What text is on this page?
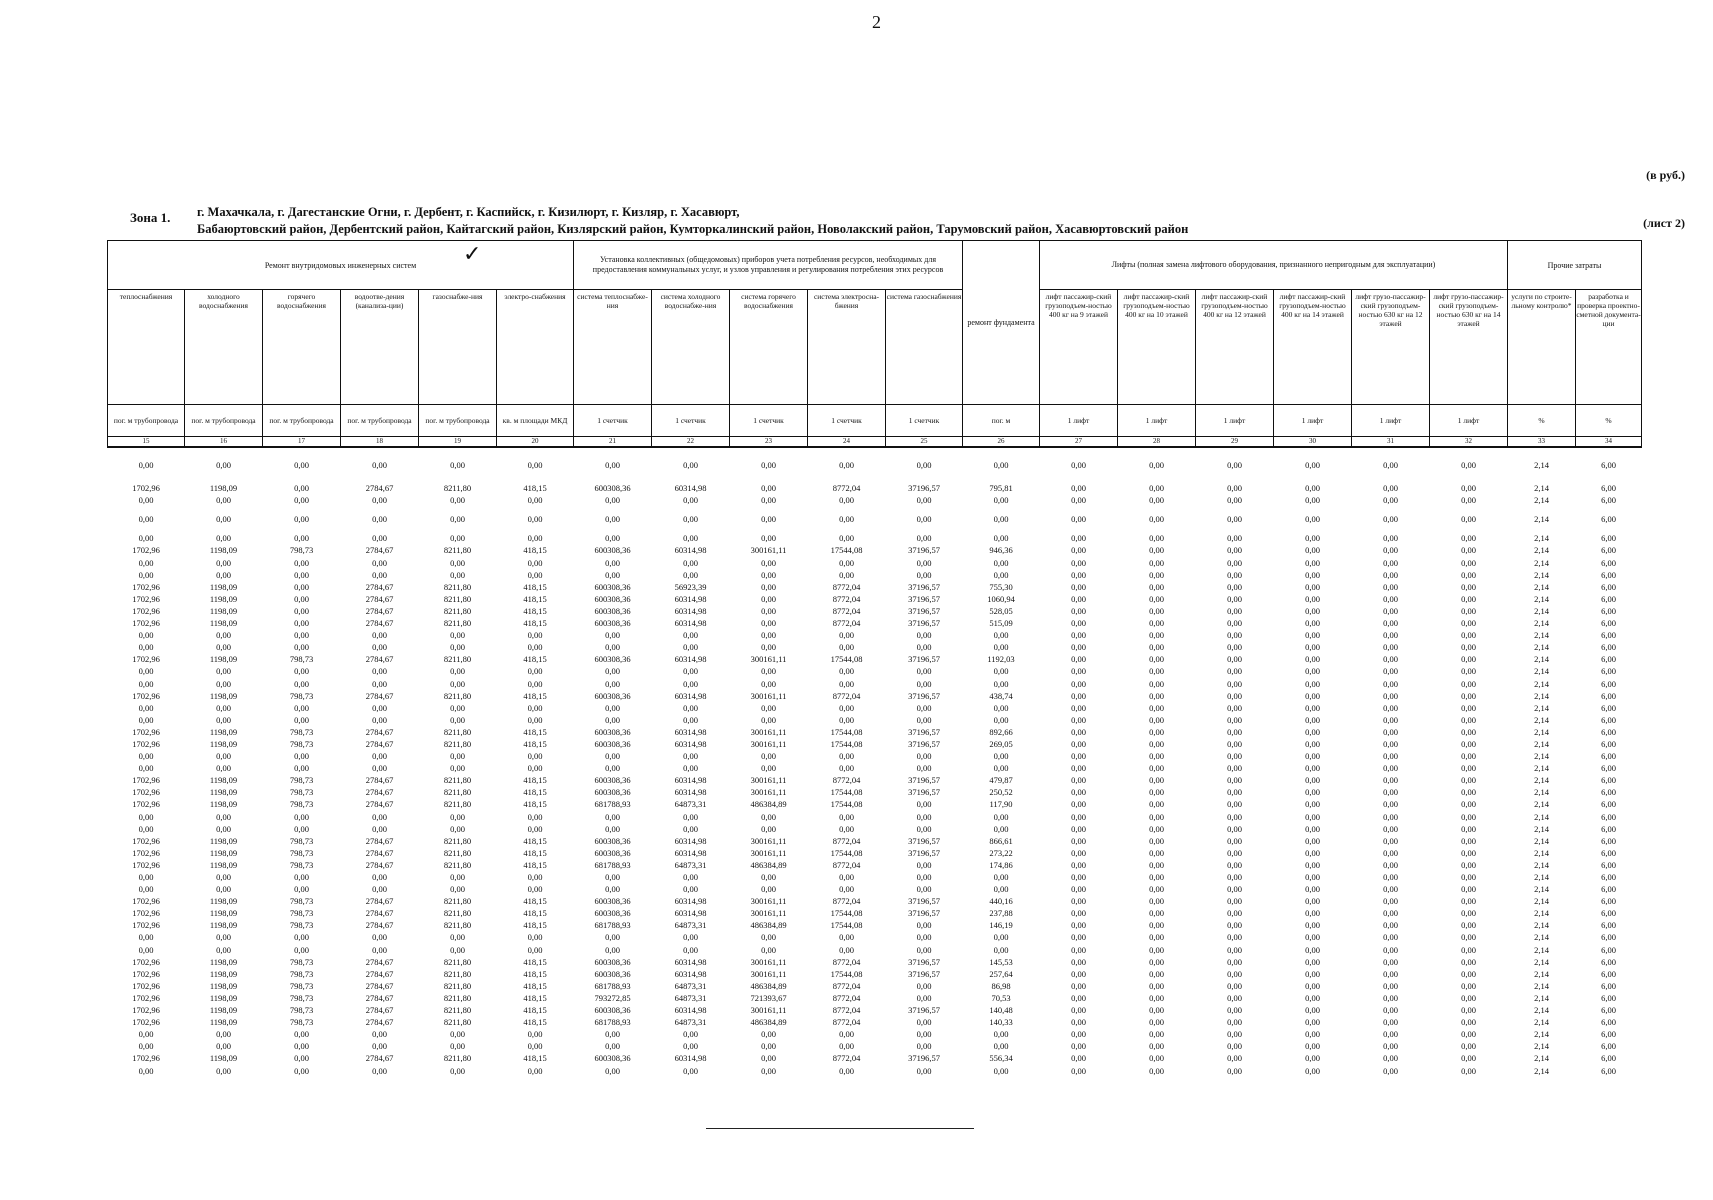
2
(в руб.)
(лист 2)
Зона 1. г. Махачкала, г. Дагестанские Огни, г. Дербент, г. Каспийск, г. Кизилюрт, г. Кизляр, г. Хасавюрт,
Бабаюртовский район, Дербентский район, Кайтагский район, Кизлярский район, Кумторкалинский район, Новолакский район, Тарумовский район, Хасавюртовский район
✓
Ремонт внутридомовых инженерных систем						Установка коллективных (общедомовых) приборов учета потребления ресурсов, необходимых для предоставления коммунальных услуг, и узлов управления и регулирования потребления этих ресурсов					ремонт фундамента	Лифты (полная замена лифтового оборудования, признанного непригодным для эксплуатации)						Прочие затраты	
теплоснабжения	холодного водоснабжения	горячего водоснабжения	водоотве-дения (канализа-ции)	газоснабже-ния	электро-снабжения	система теплоснабже-ния	система холодного водоснабже-ния	система горячего водоснабжения	система электроснa-бжения	система газоснабжения		лифт пассажир-ский грузоподъем-ностью 400 кг на 9 этажей	лифт пассажир-ский грузоподъем-ностью 400 кг на 10 этажей	лифт пассажир-ский грузоподъем-ностью 400 кг на 12 этажей	лифт пассажир-ский грузоподъем-ностью 400 кг на 14 этажей	лифт грузо-пассажир-ский грузоподъем-ностью 630 кг на 12 этажей	лифт грузо-пассажир-ский грузоподъем-ностью 630 кг на 14 этажей	услуги по строите-льному контролю*	разработка и проверка проектно-сметной документа-ции
пог. м трубопровода	пог. м трубопровода	пог. м трубопровода	пог. м трубопровода	пог. м трубопровода	кв. м площади МКД	1 счетчик	1 счетчик	1 счетчик	1 счетчик	1 счетчик	пог. м	1 лифт	1 лифт	1 лифт	1 лифт	1 лифт	1 лифт	%	%
15	16	17	18	19	20	21	22	23	24	25	26	27	28	29	30	31	32	33	34

0,00	0,00	0,00	0,00	0,00	0,00	0,00	0,00	0,00	0,00	0,00	0,00	0,00	0,00	0,00	0,00	0,00	0,00	2,14	6,00

1702,96	1198,09	0,00	2784,67	8211,80	418,15	600308,36	60314,98	0,00	8772,04	37196,57	795,81	0,00	0,00	0,00	0,00	0,00	0,00	2,14	6,00
0,00	0,00	0,00	0,00	0,00	0,00	0,00	0,00	0,00	0,00	0,00	0,00	0,00	0,00	0,00	0,00	0,00	0,00	2,14	6,00

0,00	0,00	0,00	0,00	0,00	0,00	0,00	0,00	0,00	0,00	0,00	0,00	0,00	0,00	0,00	0,00	0,00	0,00	2,14	6,00

0,00	0,00	0,00	0,00	0,00	0,00	0,00	0,00	0,00	0,00	0,00	0,00	0,00	0,00	0,00	0,00	0,00	0,00	2,14	6,00
1702,96	1198,09	798,73	2784,67	8211,80	418,15	600308,36	60314,98	300161,11	17544,08	37196,57	946,36	0,00	0,00	0,00	0,00	0,00	0,00	2,14	6,00
0,00	0,00	0,00	0,00	0,00	0,00	0,00	0,00	0,00	0,00	0,00	0,00	0,00	0,00	0,00	0,00	0,00	0,00	2,14	6,00
0,00	0,00	0,00	0,00	0,00	0,00	0,00	0,00	0,00	0,00	0,00	0,00	0,00	0,00	0,00	0,00	0,00	0,00	2,14	6,00
1702,96	1198,09	0,00	2784,67	8211,80	418,15	600308,36	56923,39	0,00	8772,04	37196,57	755,30	0,00	0,00	0,00	0,00	0,00	0,00	2,14	6,00
1702,96	1198,09	0,00	2784,67	8211,80	418,15	600308,36	60314,98	0,00	8772,04	37196,57	1060,94	0,00	0,00	0,00	0,00	0,00	0,00	2,14	6,00
1702,96	1198,09	0,00	2784,67	8211,80	418,15	600308,36	60314,98	0,00	8772,04	37196,57	528,05	0,00	0,00	0,00	0,00	0,00	0,00	2,14	6,00
1702,96	1198,09	0,00	2784,67	8211,80	418,15	600308,36	60314,98	0,00	8772,04	37196,57	515,09	0,00	0,00	0,00	0,00	0,00	0,00	2,14	6,00
0,00	0,00	0,00	0,00	0,00	0,00	0,00	0,00	0,00	0,00	0,00	0,00	0,00	0,00	0,00	0,00	0,00	0,00	2,14	6,00
0,00	0,00	0,00	0,00	0,00	0,00	0,00	0,00	0,00	0,00	0,00	0,00	0,00	0,00	0,00	0,00	0,00	0,00	2,14	6,00
1702,96	1198,09	798,73	2784,67	8211,80	418,15	600308,36	60314,98	300161,11	17544,08	37196,57	1192,03	0,00	0,00	0,00	0,00	0,00	0,00	2,14	6,00
0,00	0,00	0,00	0,00	0,00	0,00	0,00	0,00	0,00	0,00	0,00	0,00	0,00	0,00	0,00	0,00	0,00	0,00	2,14	6,00
0,00	0,00	0,00	0,00	0,00	0,00	0,00	0,00	0,00	0,00	0,00	0,00	0,00	0,00	0,00	0,00	0,00	0,00	2,14	6,00
1702,96	1198,09	798,73	2784,67	8211,80	418,15	600308,36	60314,98	300161,11	8772,04	37196,57	438,74	0,00	0,00	0,00	0,00	0,00	0,00	2,14	6,00
0,00	0,00	0,00	0,00	0,00	0,00	0,00	0,00	0,00	0,00	0,00	0,00	0,00	0,00	0,00	0,00	0,00	0,00	2,14	6,00
0,00	0,00	0,00	0,00	0,00	0,00	0,00	0,00	0,00	0,00	0,00	0,00	0,00	0,00	0,00	0,00	0,00	0,00	2,14	6,00
1702,96	1198,09	798,73	2784,67	8211,80	418,15	600308,36	60314,98	300161,11	17544,08	37196,57	892,66	0,00	0,00	0,00	0,00	0,00	0,00	2,14	6,00
1702,96	1198,09	798,73	2784,67	8211,80	418,15	600308,36	60314,98	300161,11	17544,08	37196,57	269,05	0,00	0,00	0,00	0,00	0,00	0,00	2,14	6,00
0,00	0,00	0,00	0,00	0,00	0,00	0,00	0,00	0,00	0,00	0,00	0,00	0,00	0,00	0,00	0,00	0,00	0,00	2,14	6,00
0,00	0,00	0,00	0,00	0,00	0,00	0,00	0,00	0,00	0,00	0,00	0,00	0,00	0,00	0,00	0,00	0,00	0,00	2,14	6,00
1702,96	1198,09	798,73	2784,67	8211,80	418,15	600308,36	60314,98	300161,11	8772,04	37196,57	479,87	0,00	0,00	0,00	0,00	0,00	0,00	2,14	6,00
1702,96	1198,09	798,73	2784,67	8211,80	418,15	600308,36	60314,98	300161,11	17544,08	37196,57	250,52	0,00	0,00	0,00	0,00	0,00	0,00	2,14	6,00
1702,96	1198,09	798,73	2784,67	8211,80	418,15	681788,93	64873,31	486384,89	17544,08	0,00	117,90	0,00	0,00	0,00	0,00	0,00	0,00	2,14	6,00
0,00	0,00	0,00	0,00	0,00	0,00	0,00	0,00	0,00	0,00	0,00	0,00	0,00	0,00	0,00	0,00	0,00	0,00	2,14	6,00
0,00	0,00	0,00	0,00	0,00	0,00	0,00	0,00	0,00	0,00	0,00	0,00	0,00	0,00	0,00	0,00	0,00	0,00	2,14	6,00
1702,96	1198,09	798,73	2784,67	8211,80	418,15	600308,36	60314,98	300161,11	8772,04	37196,57	866,61	0,00	0,00	0,00	0,00	0,00	0,00	2,14	6,00
1702,96	1198,09	798,73	2784,67	8211,80	418,15	600308,36	60314,98	300161,11	17544,08	37196,57	273,22	0,00	0,00	0,00	0,00	0,00	0,00	2,14	6,00
1702,96	1198,09	798,73	2784,67	8211,80	418,15	681788,93	64873,31	486384,89	8772,04	0,00	174,86	0,00	0,00	0,00	0,00	0,00	0,00	2,14	6,00
0,00	0,00	0,00	0,00	0,00	0,00	0,00	0,00	0,00	0,00	0,00	0,00	0,00	0,00	0,00	0,00	0,00	0,00	2,14	6,00
0,00	0,00	0,00	0,00	0,00	0,00	0,00	0,00	0,00	0,00	0,00	0,00	0,00	0,00	0,00	0,00	0,00	0,00	2,14	6,00
1702,96	1198,09	798,73	2784,67	8211,80	418,15	600308,36	60314,98	300161,11	8772,04	37196,57	440,16	0,00	0,00	0,00	0,00	0,00	0,00	2,14	6,00
1702,96	1198,09	798,73	2784,67	8211,80	418,15	600308,36	60314,98	300161,11	17544,08	37196,57	237,88	0,00	0,00	0,00	0,00	0,00	0,00	2,14	6,00
1702,96	1198,09	798,73	2784,67	8211,80	418,15	681788,93	64873,31	486384,89	17544,08	0,00	146,19	0,00	0,00	0,00	0,00	0,00	0,00	2,14	6,00
0,00	0,00	0,00	0,00	0,00	0,00	0,00	0,00	0,00	0,00	0,00	0,00	0,00	0,00	0,00	0,00	0,00	0,00	2,14	6,00
0,00	0,00	0,00	0,00	0,00	0,00	0,00	0,00	0,00	0,00	0,00	0,00	0,00	0,00	0,00	0,00	0,00	0,00	2,14	6,00
1702,96	1198,09	798,73	2784,67	8211,80	418,15	600308,36	60314,98	300161,11	8772,04	37196,57	145,53	0,00	0,00	0,00	0,00	0,00	0,00	2,14	6,00
1702,96	1198,09	798,73	2784,67	8211,80	418,15	600308,36	60314,98	300161,11	17544,08	37196,57	257,64	0,00	0,00	0,00	0,00	0,00	0,00	2,14	6,00
1702,96	1198,09	798,73	2784,67	8211,80	418,15	681788,93	64873,31	486384,89	8772,04	0,00	86,98	0,00	0,00	0,00	0,00	0,00	0,00	2,14	6,00
1702,96	1198,09	798,73	2784,67	8211,80	418,15	793272,85	64873,31	721393,67	8772,04	0,00	70,53	0,00	0,00	0,00	0,00	0,00	0,00	2,14	6,00
1702,96	1198,09	798,73	2784,67	8211,80	418,15	600308,36	60314,98	300161,11	8772,04	37196,57	140,48	0,00	0,00	0,00	0,00	0,00	0,00	2,14	6,00
1702,96	1198,09	798,73	2784,67	8211,80	418,15	681788,93	64873,31	486384,89	8772,04	0,00	140,33	0,00	0,00	0,00	0,00	0,00	0,00	2,14	6,00
0,00	0,00	0,00	0,00	0,00	0,00	0,00	0,00	0,00	0,00	0,00	0,00	0,00	0,00	0,00	0,00	0,00	0,00	2,14	6,00
0,00	0,00	0,00	0,00	0,00	0,00	0,00	0,00	0,00	0,00	0,00	0,00	0,00	0,00	0,00	0,00	0,00	0,00	2,14	6,00
1702,96	1198,09	0,00	2784,67	8211,80	418,15	600308,36	60314,98	0,00	8772,04	37196,57	556,34	0,00	0,00	0,00	0,00	0,00	0,00	2,14	6,00
0,00	0,00	0,00	0,00	0,00	0,00	0,00	0,00	0,00	0,00	0,00	0,00	0,00	0,00	0,00	0,00	0,00	0,00	2,14	6,00
